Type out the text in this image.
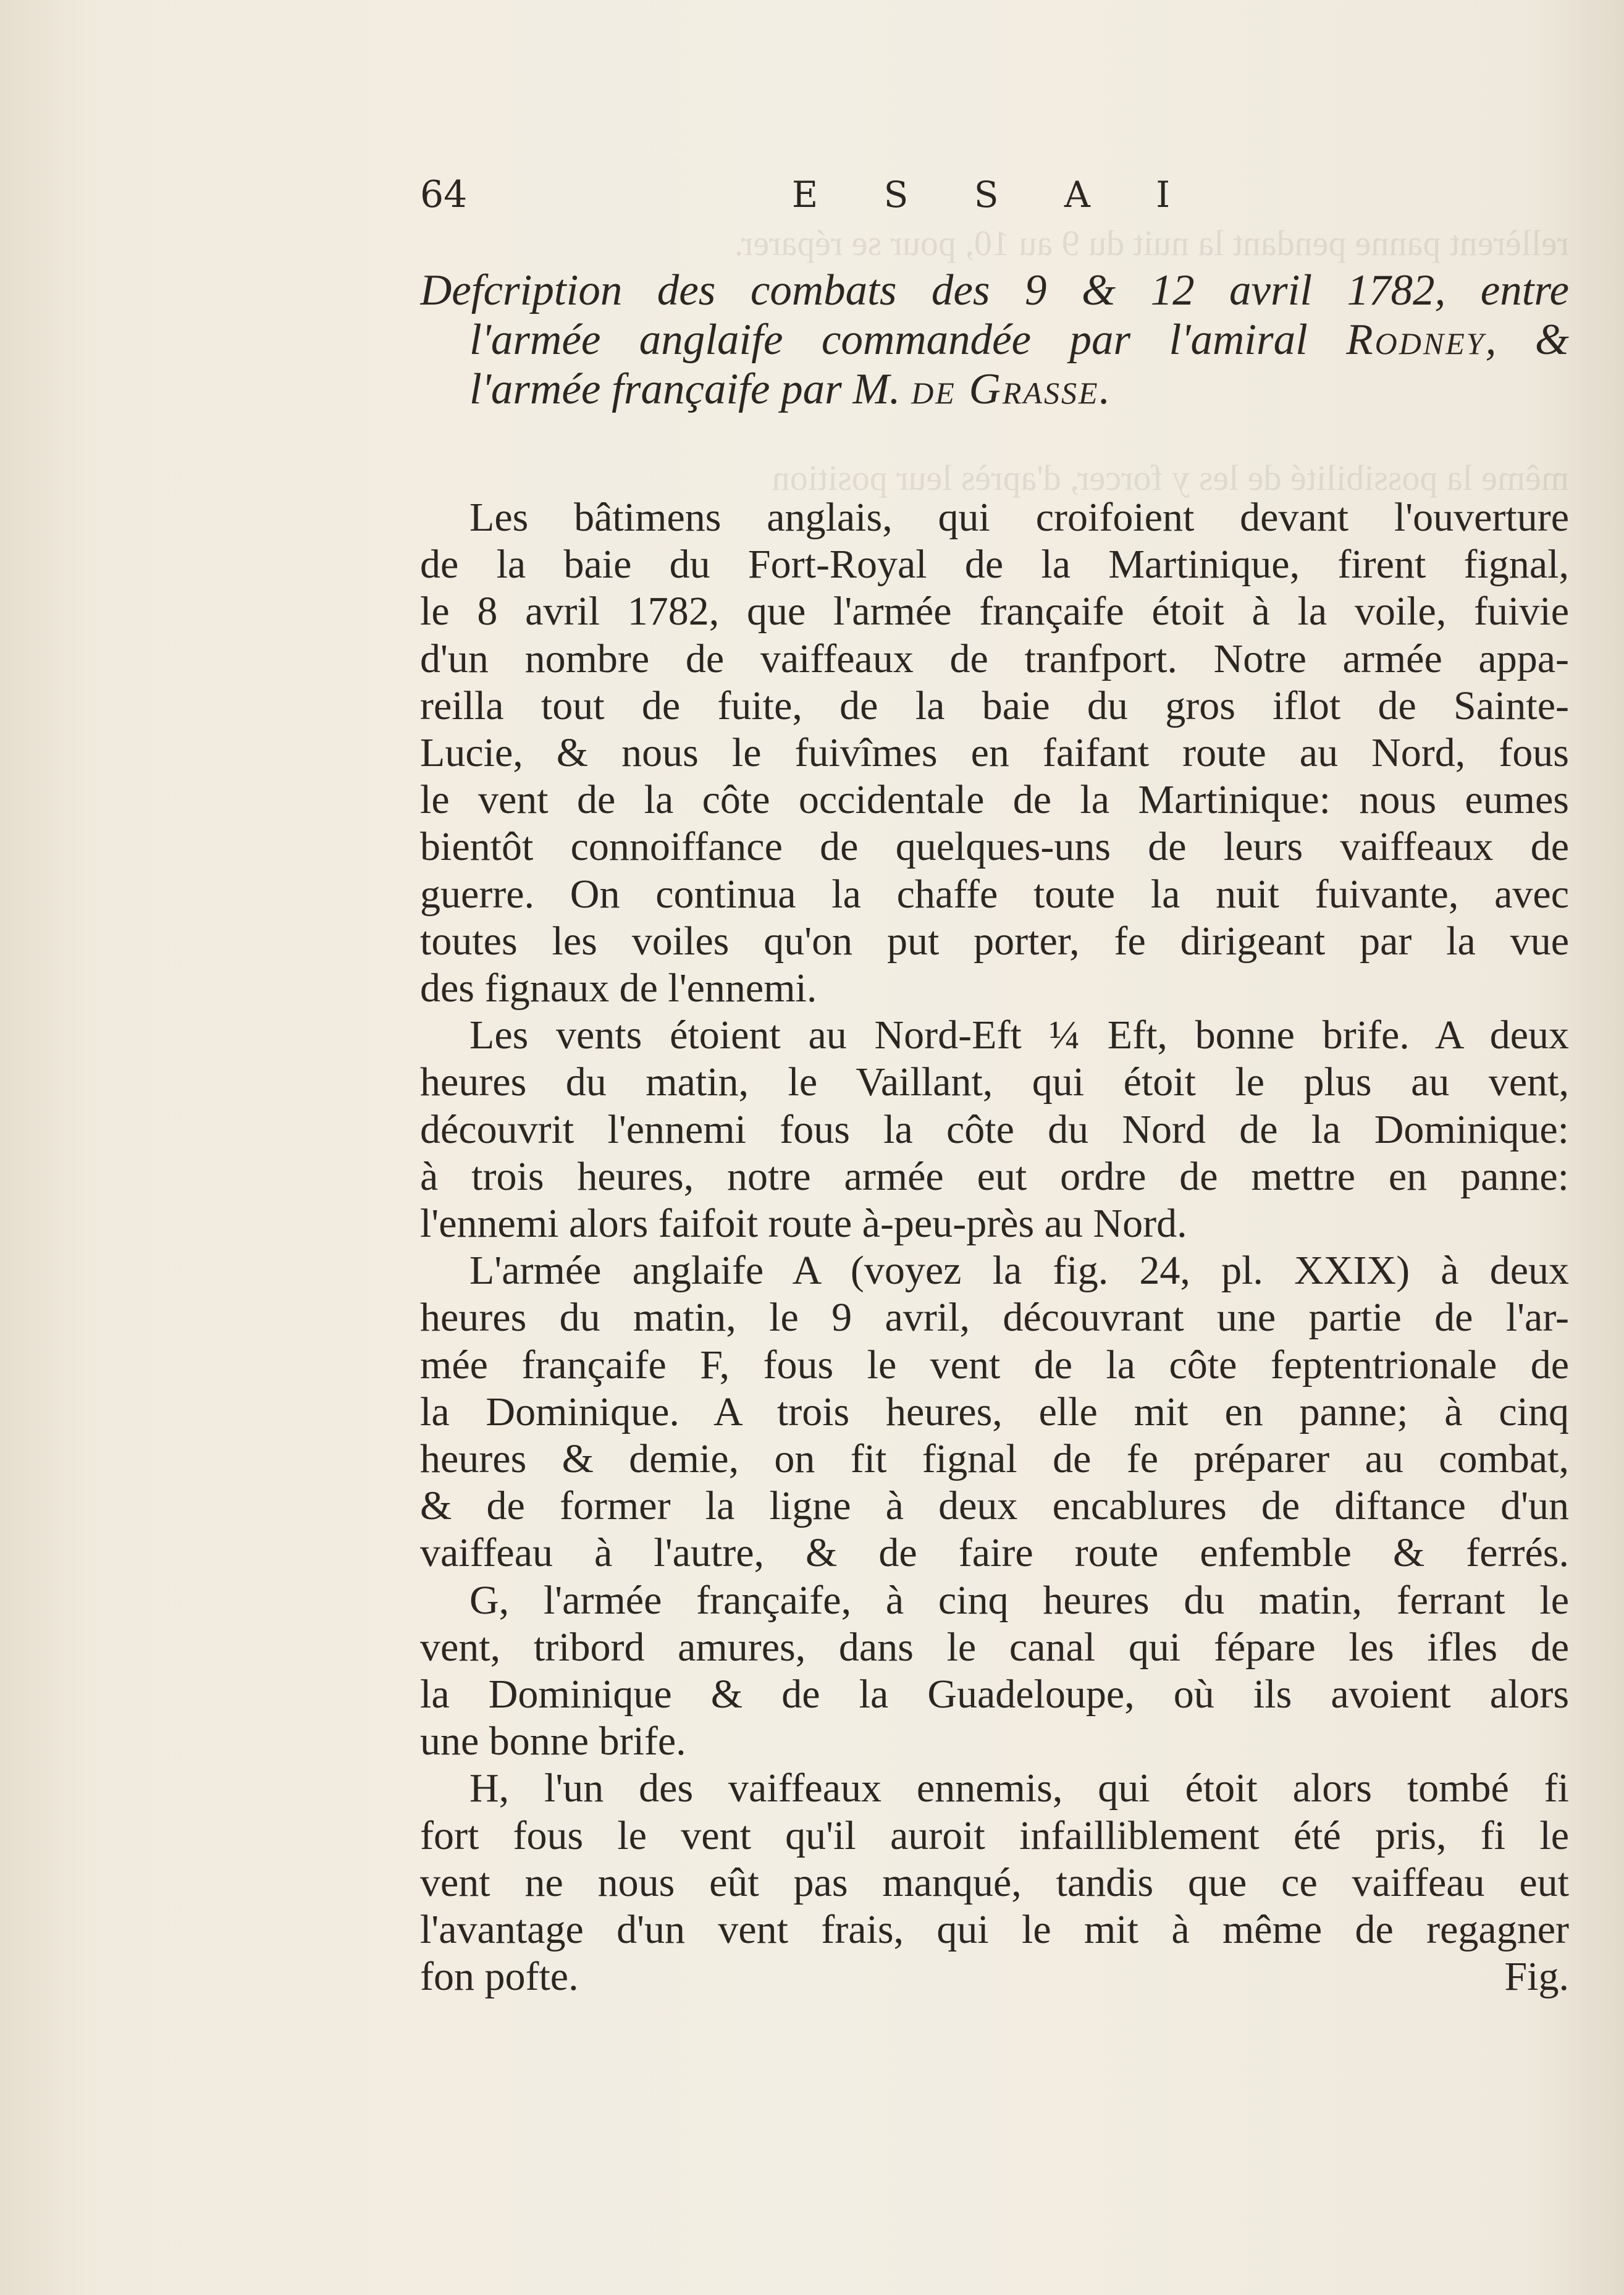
rellèrent panne pendant la nuit du 9 au 10, pour se réparer.
même la possibilité de les y forcer, d'après leur position
64	E S S A I
Defcription des combats des 9 & 12 avril 1782, entre
l'armée anglaife commandée par l'amiral Rodney, &
l'armée françaife par M. de Grasse.
Les bâtimens anglais, qui croifoient devant l'ouverture
de la baie du Fort-Royal de la Martinique, firent fignal,
le 8 avril 1782, que l'armée françaife étoit à la voile, fuivie
d'un nombre de vaiffeaux de tranfport. Notre armée appa-
reilla tout de fuite, de la baie du gros iflot de Sainte-
Lucie, & nous le fuivîmes en faifant route au Nord, fous
le vent de la côte occidentale de la Martinique: nous eumes
bientôt connoiffance de quelques-uns de leurs vaiffeaux de
guerre. On continua la chaffe toute la nuit fuivante, avec
toutes les voiles qu'on put porter, fe dirigeant par la vue
des fignaux de l'ennemi.
Les vents étoient au Nord-Eft ¼ Eft, bonne brife. A deux
heures du matin, le Vaillant, qui étoit le plus au vent,
découvrit l'ennemi fous la côte du Nord de la Dominique:
à trois heures, notre armée eut ordre de mettre en panne:
l'ennemi alors faifoit route à-peu-près au Nord.
L'armée anglaife A (voyez la fig. 24, pl. XXIX) à deux
heures du matin, le 9 avril, découvrant une partie de l'ar-
mée françaife F, fous le vent de la côte feptentrionale de
la Dominique. A trois heures, elle mit en panne; à cinq
heures & demie, on fit fignal de fe préparer au combat,
& de former la ligne à deux encablures de diftance d'un
vaiffeau à l'autre, & de faire route enfemble & ferrés.
G, l'armée françaife, à cinq heures du matin, ferrant le
vent, tribord amures, dans le canal qui fépare les ifles de
la Dominique & de la Guadeloupe, où ils avoient alors
une bonne brife.
H, l'un des vaiffeaux ennemis, qui étoit alors tombé fi
fort fous le vent qu'il auroit infailliblement été pris, fi le
vent ne nous eût pas manqué, tandis que ce vaiffeau eut
l'avantage d'un vent frais, qui le mit à même de regagner
fon pofte.	Fig.
